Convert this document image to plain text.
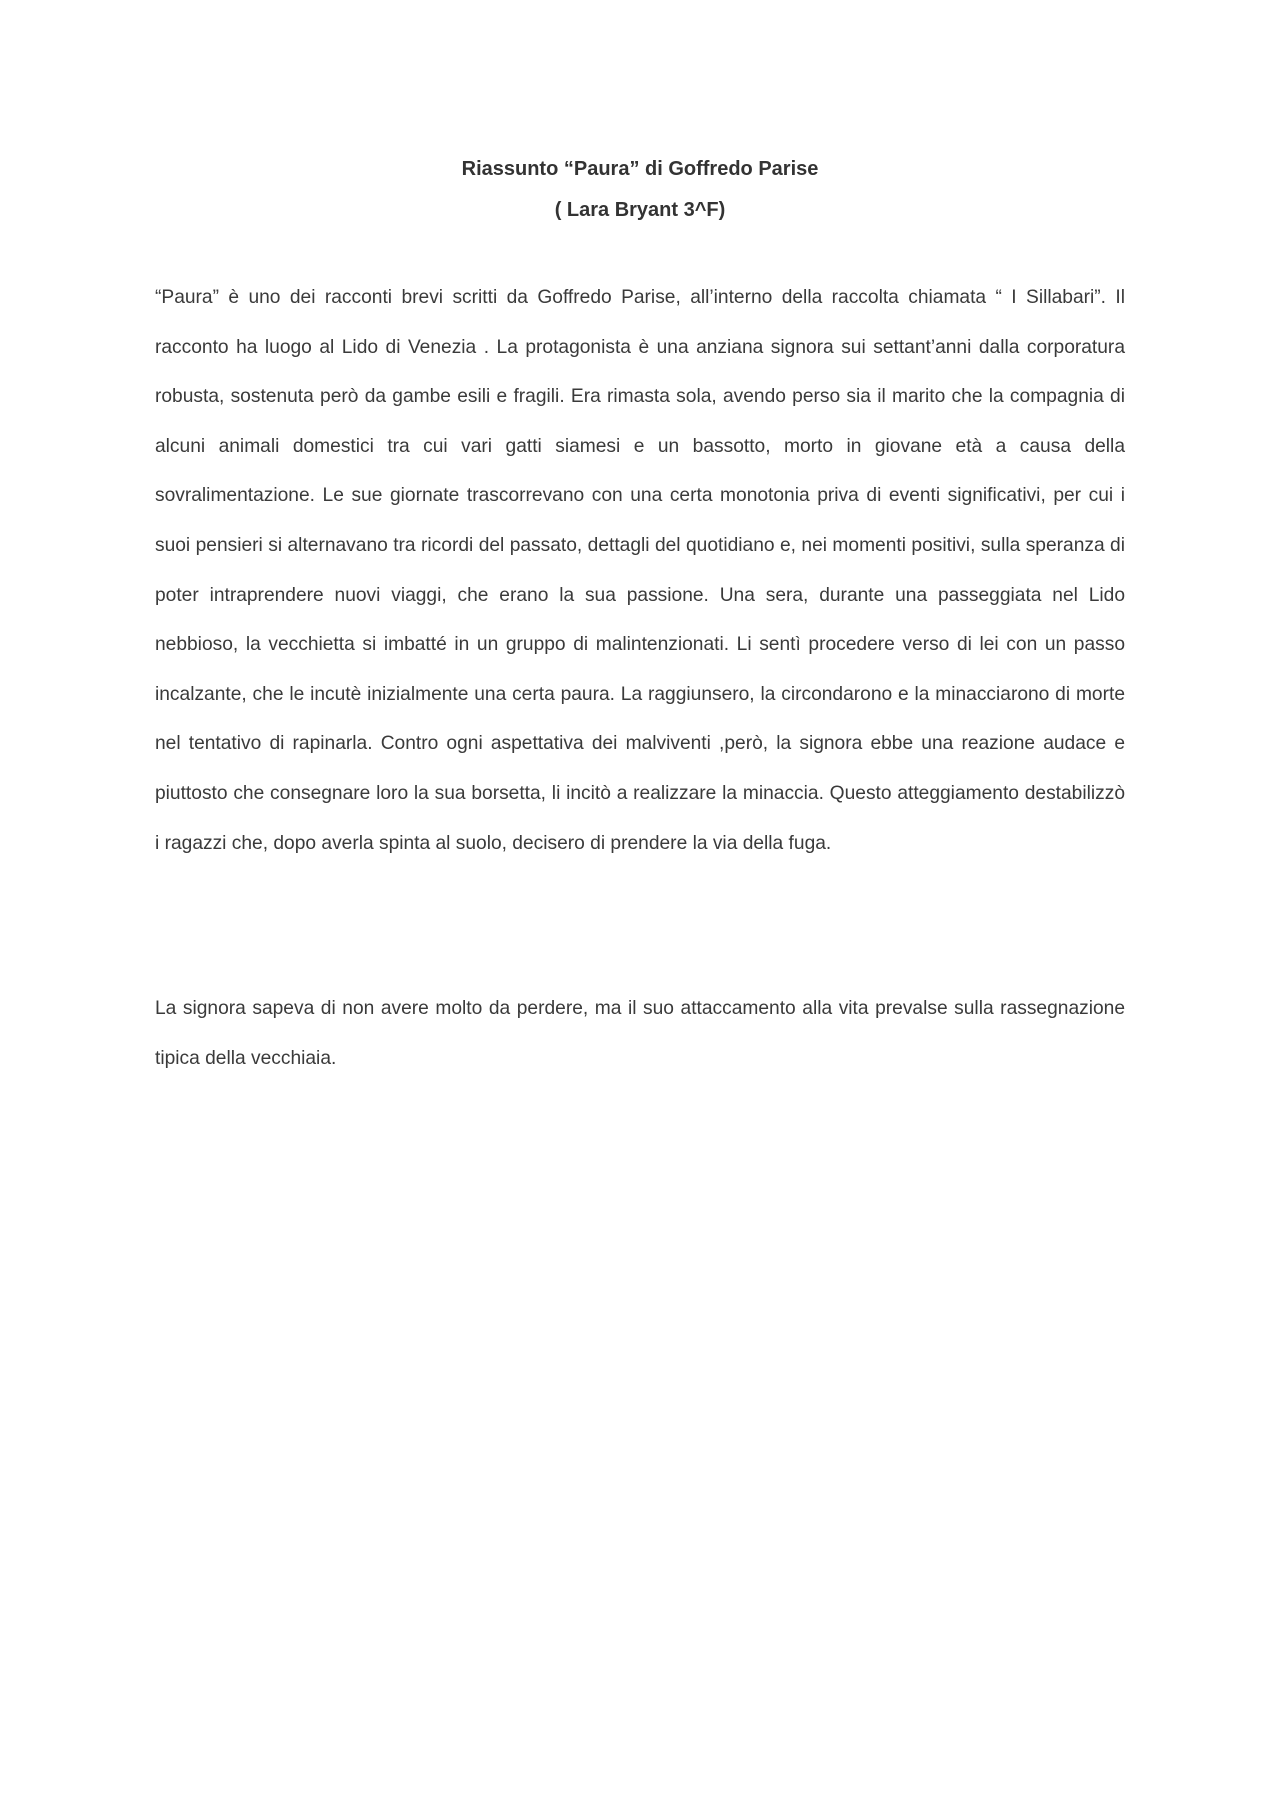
Riassunto “Paura” di Goffredo Parise
( Lara Bryant 3^F)

“Paura” è uno dei racconti brevi scritti da Goffredo Parise, all’interno della raccolta chiamata “ I Sillabari”. Il racconto ha luogo al Lido di Venezia . La protagonista è una anziana signora sui settant’anni dalla corporatura robusta, sostenuta però da gambe esili e fragili. Era rimasta sola, avendo perso sia il marito che la compagnia di alcuni animali domestici tra cui vari gatti siamesi e un bassotto, morto in giovane età a causa della sovralimentazione. Le sue giornate trascorrevano con una certa monotonia priva di eventi significativi, per cui i suoi pensieri si alternavano tra ricordi del passato, dettagli del quotidiano e, nei momenti positivi, sulla speranza di poter intraprendere nuovi viaggi, che erano la sua passione. Una sera, durante una passeggiata nel Lido nebbioso, la vecchietta si imbatté in un gruppo di malintenzionati. Li sentì procedere verso di lei con un passo incalzante, che le incutè inizialmente una certa paura. La raggiunsero, la circondarono e la minacciarono di morte nel tentativo di rapinarla. Contro ogni aspettativa dei malviventi ,però, la signora ebbe una reazione audace e piuttosto che consegnare loro la sua borsetta, li incitò a realizzare la minaccia. Questo atteggiamento destabilizzò i ragazzi che, dopo averla spinta al suolo, decisero di prendere la via della fuga.

La signora sapeva di non avere molto da perdere, ma il suo attaccamento alla vita prevalse sulla rassegnazione tipica della vecchiaia.
